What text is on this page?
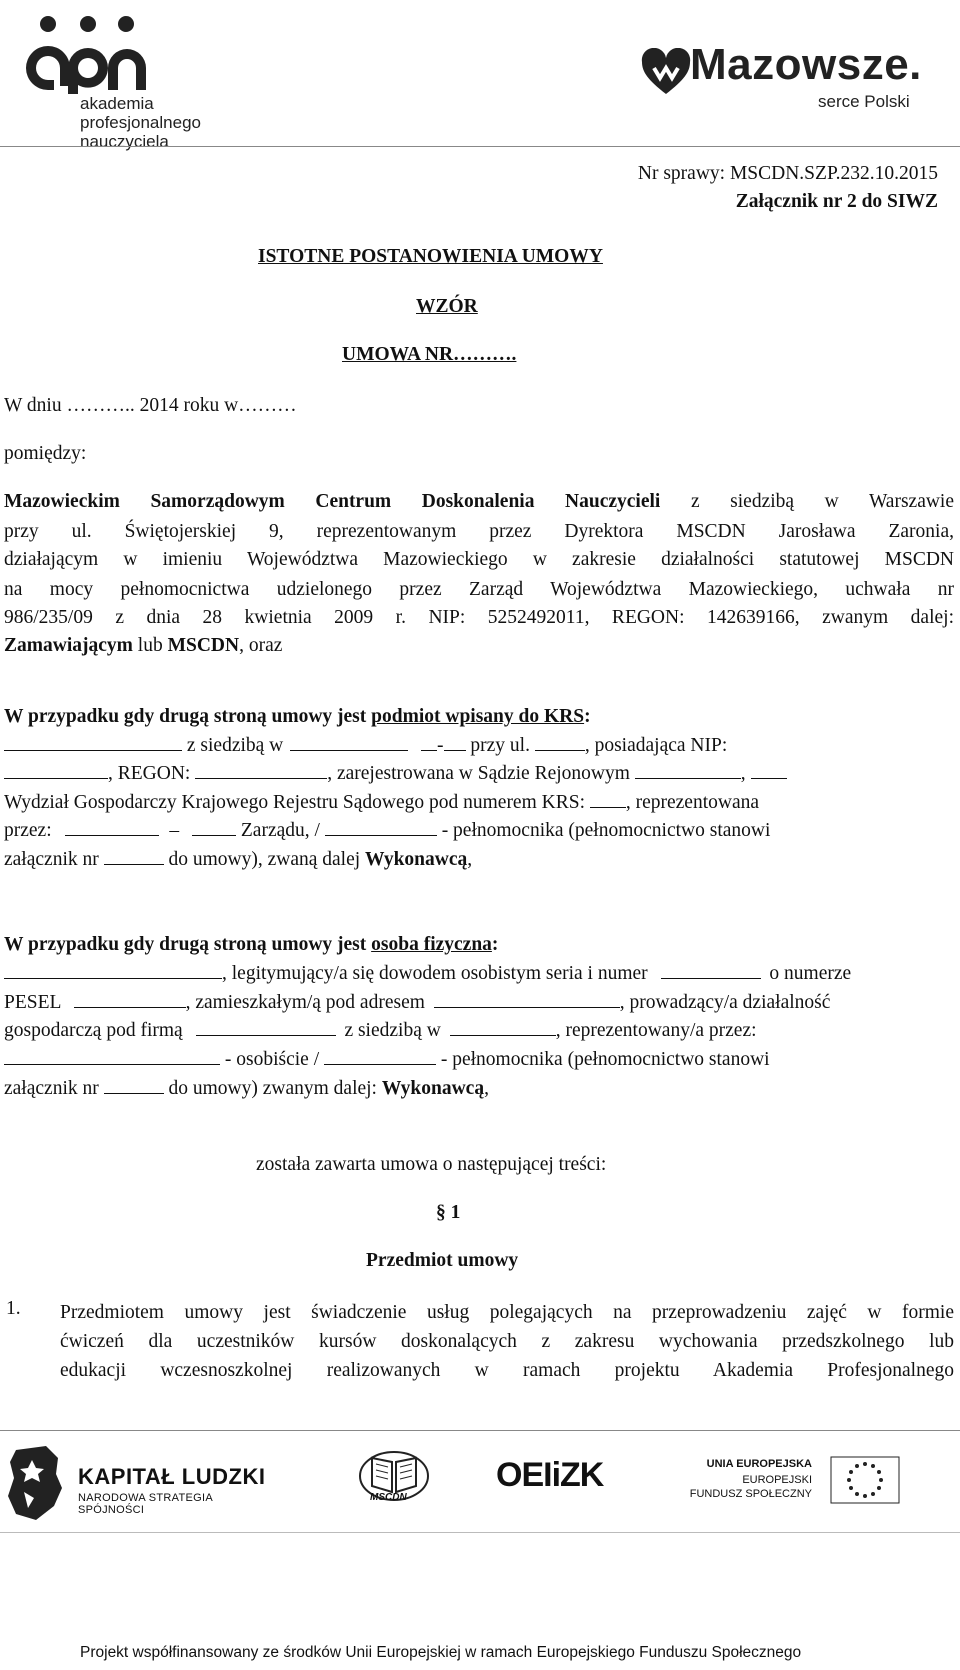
akademia
profesjonalnego
nauczyciela
Mazowsze.
serce Polski
Nr sprawy: MSCDN.SZP.232.10.2015
Załącznik nr 2 do SIWZ
ISTOTNE POSTANOWIENIA UMOWY
WZÓR
UMOWA NR……….
W dniu ……….. 2014 roku w………
pomiędzy:
Mazowieckim Samorządowym Centrum Doskonalenia Nauczycieli z siedzibą w Warszawie
przy ul. Świętojerskiej 9, reprezentowanym przez Dyrektora MSCDN Jarosława Zaronia,
działającym w imieniu Województwa Mazowieckiego w zakresie działalności statutowej MSCDN
na mocy pełnomocnictwa udzielonego przez Zarząd Województwa Mazowieckiego, uchwała nr
986/235/09 z dnia 28 kwietnia 2009 r. NIP: 5252492011, REGON: 142639166, zwanym dalej:
Zamawiającym lub MSCDN, oraz
W przypadku gdy drugą stroną umowy jest podmiot wpisany do KRS:
z siedzibą w	- przy ul.	, posiadająca NIP:
, REGON:	, zarejestrowana w Sądzie Rejonowym	,
Wydział Gospodarczy Krajowego Rejestru Sądowego pod numerem KRS: , reprezentowana
przez:	–	Zarządu, /	- pełnomocnika (pełnomocnictwo stanowi
załącznik nr	do umowy), zwaną dalej Wykonawcą,
W przypadku gdy drugą stroną umowy jest osoba fizyczna:
, legitymujący/a się dowodem osobistym seria i numer	o numerze
PESEL	, zamieszkałym/ą pod adresem	, prowadzący/a działalność
gospodarczą pod firmą	z siedzibą w	, reprezentowany/a przez:
- osobiście /	- pełnomocnika (pełnomocnictwo stanowi
załącznik nr	do umowy) zwanym dalej: Wykonawcą,
została zawarta umowa o następującej treści:
§ 1
Przedmiot umowy
1. Przedmiotem umowy jest świadczenie usług polegających na przeprowadzeniu zajęć w formie
ćwiczeń dla uczestników kursów doskonalących z zakresu wychowania przedszkolnego lub
edukacji wczesnoszkolnej realizowanych w ramach projektu Akademia Profesjonalnego
KAPITAŁ LUDZKI
NARODOWA STRATEGIA SPÓJNOŚCI
MSCDN
OEIiZK	UNIA EUROPEJSKA
EUROPEJSKI
FUNDUSZ SPOŁECZNY
Projekt współfinansowany ze środków Unii Europejskiej w ramach Europejskiego Funduszu Społecznego
